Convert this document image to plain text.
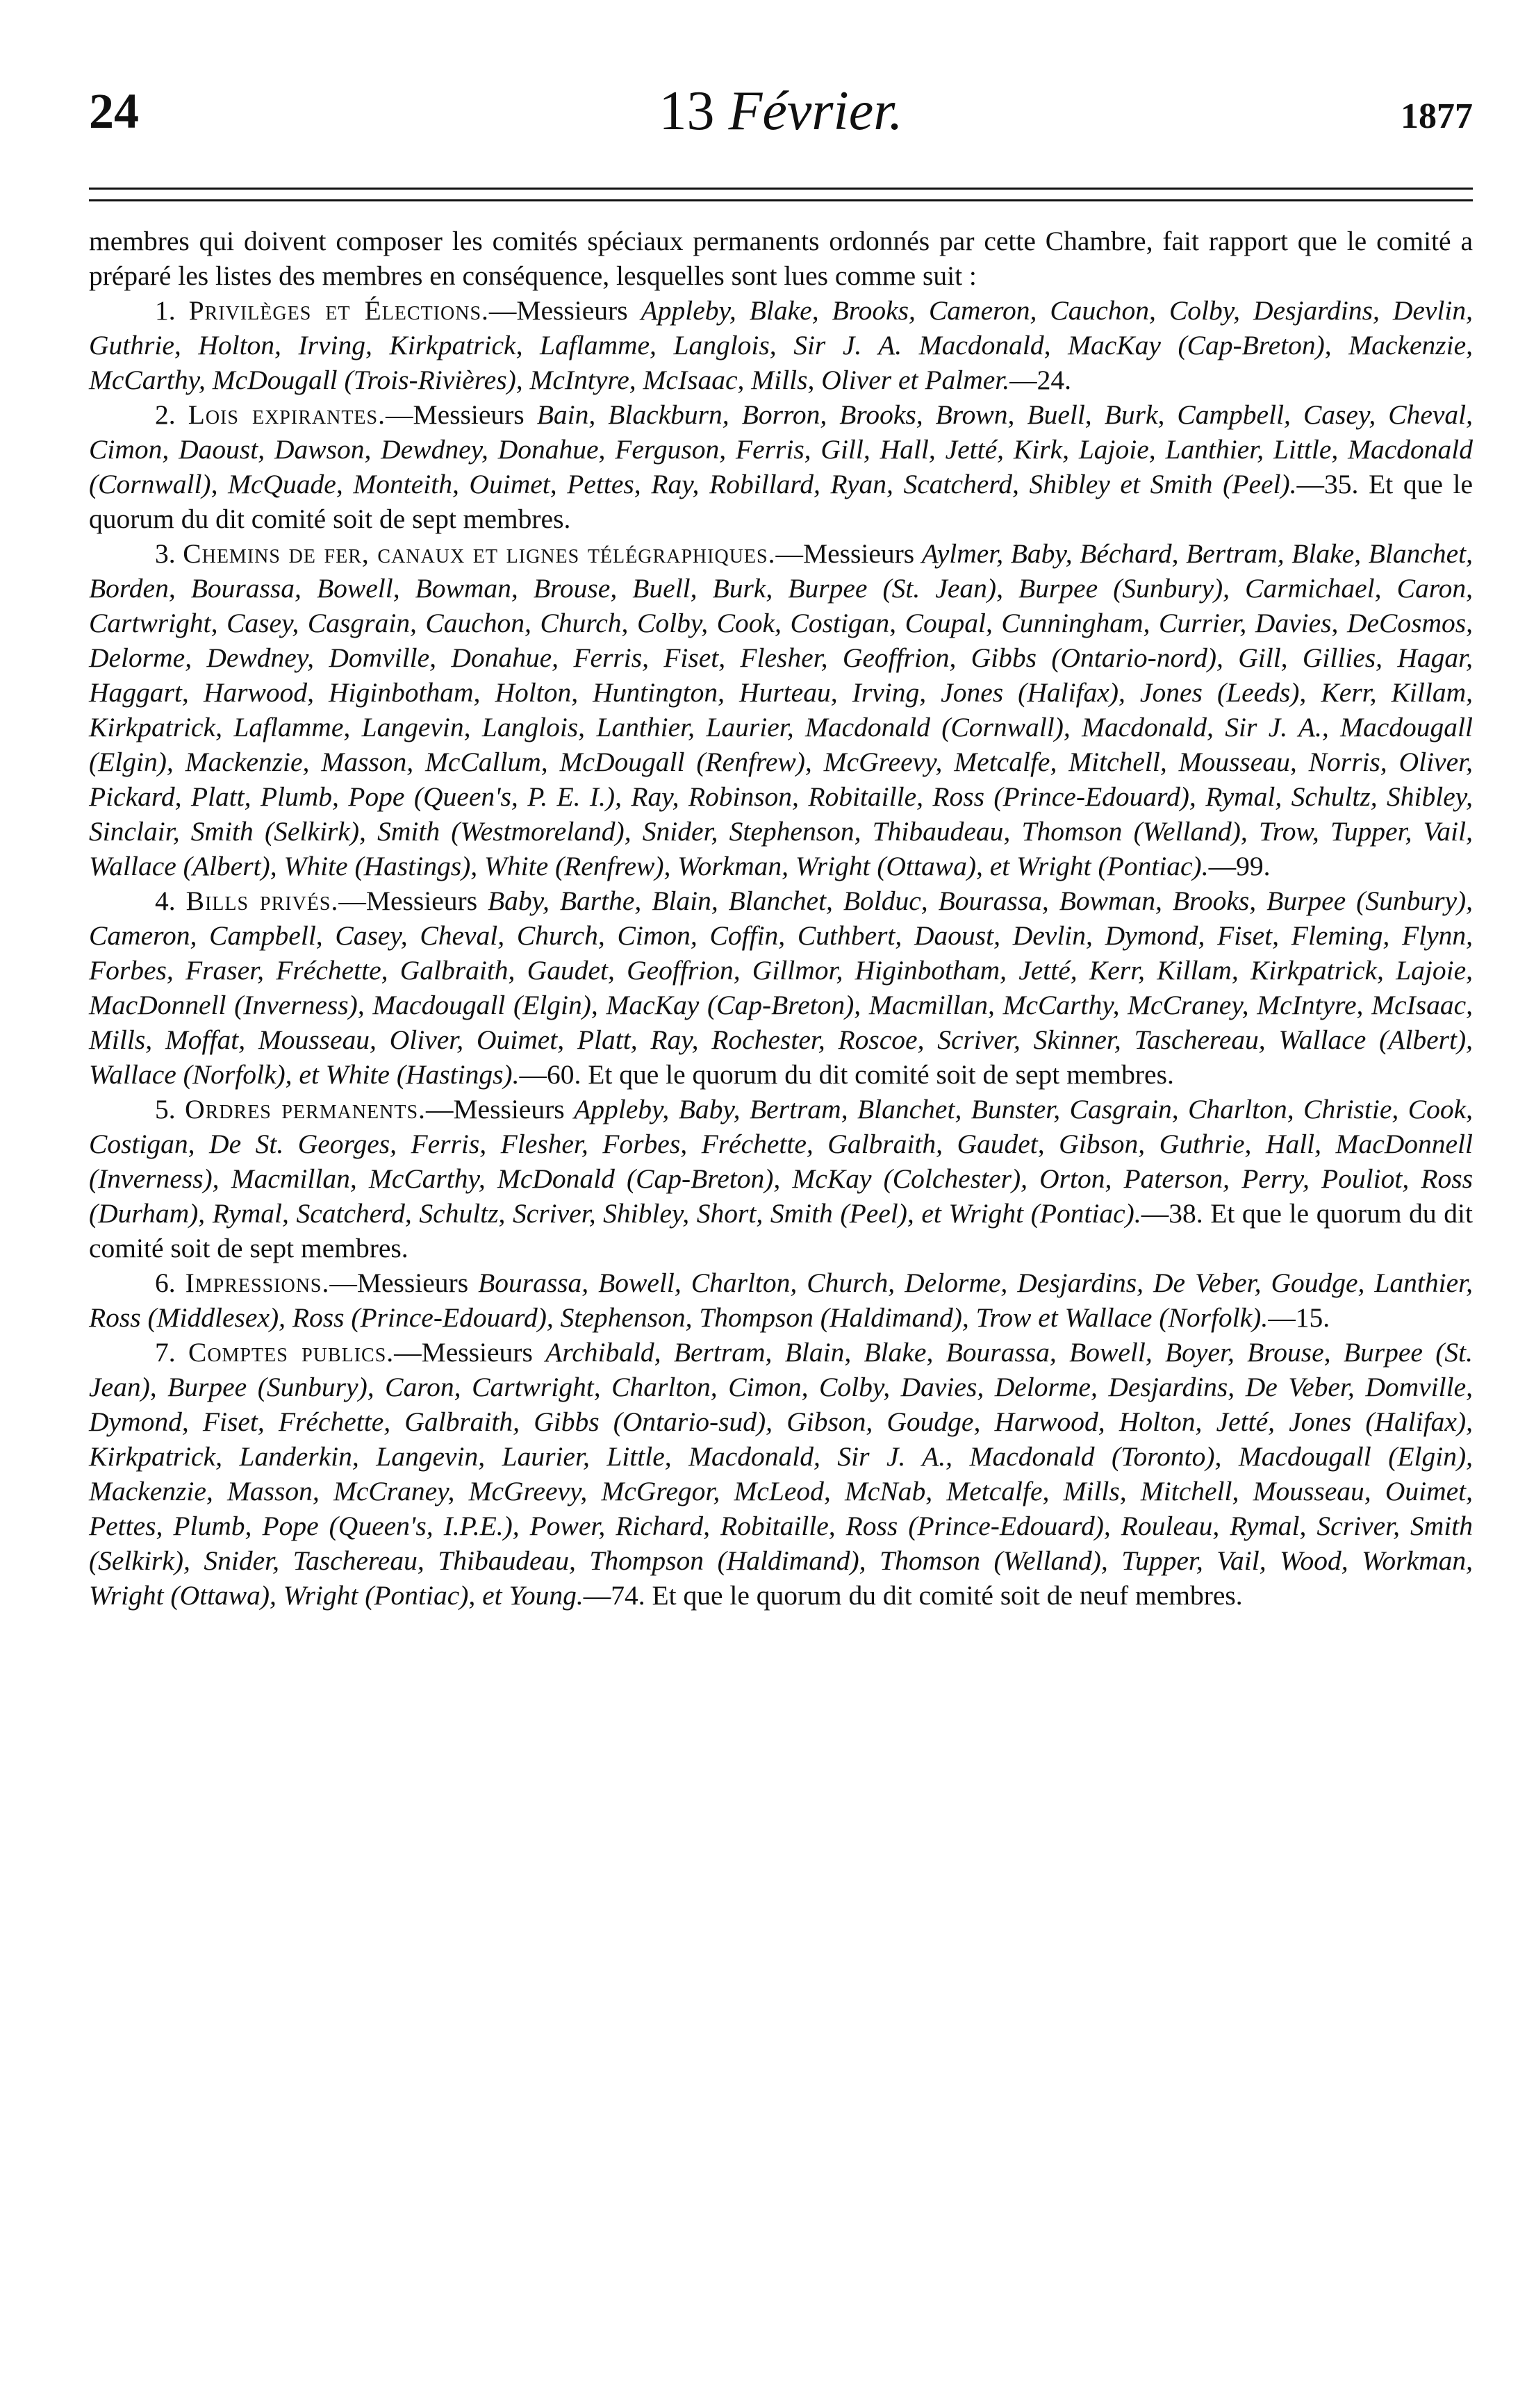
24	13 Février.	1877

membres qui doivent composer les comités spéciaux permanents ordonnés par cette Chambre, fait rapport que le comité a préparé les listes des membres en conséquence, lesquelles sont lues comme suit :

1. Privilèges et Élections.—Messieurs Appleby, Blake, Brooks, Cameron, Cauchon, Colby, Desjardins, Devlin, Guthrie, Holton, Irving, Kirkpatrick, Laflamme, Langlois, Sir J. A. Macdonald, MacKay (Cap-Breton), Mackenzie, McCarthy, McDougall (Trois-Rivières), McIntyre, McIsaac, Mills, Oliver et Palmer.—24.

2. Lois expirantes.—Messieurs Bain, Blackburn, Borron, Brooks, Brown, Buell, Burk, Campbell, Casey, Cheval, Cimon, Daoust, Dawson, Dewdney, Donahue, Ferguson, Ferris, Gill, Hall, Jetté, Kirk, Lajoie, Lanthier, Little, Macdonald (Cornwall), McQuade, Monteith, Ouimet, Pettes, Ray, Robillard, Ryan, Scatcherd, Shibley et Smith (Peel).—35. Et que le quorum du dit comité soit de sept membres.

3. Chemins de fer, canaux et lignes télégraphiques.—Messieurs Aylmer, Baby, Béchard, Bertram, Blake, Blanchet, Borden, Bourassa, Bowell, Bowman, Brouse, Buell, Burk, Burpee (St. Jean), Burpee (Sunbury), Carmichael, Caron, Cartwright, Casey, Casgrain, Cauchon, Church, Colby, Cook, Costigan, Coupal, Cunningham, Currier, Davies, DeCosmos, Delorme, Dewdney, Domville, Donahue, Ferris, Fiset, Flesher, Geoffrion, Gibbs (Ontario-nord), Gill, Gillies, Hagar, Haggart, Harwood, Higinbotham, Holton, Huntington, Hurteau, Irving, Jones (Halifax), Jones (Leeds), Kerr, Killam, Kirkpatrick, Laflamme, Langevin, Langlois, Lanthier, Laurier, Macdonald (Cornwall), Macdonald, Sir J. A., Macdougall (Elgin), Mackenzie, Masson, McCallum, McDougall (Renfrew), McGreevy, Metcalfe, Mitchell, Mousseau, Norris, Oliver, Pickard, Platt, Plumb, Pope (Queen's, P. E. I.), Ray, Robinson, Robitaille, Ross (Prince-Edouard), Rymal, Schultz, Shibley, Sinclair, Smith (Selkirk), Smith (Westmoreland), Snider, Stephenson, Thibaudeau, Thomson (Welland), Trow, Tupper, Vail, Wallace (Albert), White (Hastings), White (Renfrew), Workman, Wright (Ottawa), et Wright (Pontiac).—99.

4. Bills privés.—Messieurs Baby, Barthe, Blain, Blanchet, Bolduc, Bourassa, Bowman, Brooks, Burpee (Sunbury), Cameron, Campbell, Casey, Cheval, Church, Cimon, Coffin, Cuthbert, Daoust, Devlin, Dymond, Fiset, Fleming, Flynn, Forbes, Fraser, Fréchette, Galbraith, Gaudet, Geoffrion, Gillmor, Higinbotham, Jetté, Kerr, Killam, Kirkpatrick, Lajoie, MacDonnell (Inverness), Macdougall (Elgin), MacKay (Cap-Breton), Macmillan, McCarthy, McCraney, McIntyre, McIsaac, Mills, Moffat, Mousseau, Oliver, Ouimet, Platt, Ray, Rochester, Roscoe, Scriver, Skinner, Taschereau, Wallace (Albert), Wallace (Norfolk), et White (Hastings).—60. Et que le quorum du dit comité soit de sept membres.

5. Ordres permanents.—Messieurs Appleby, Baby, Bertram, Blanchet, Bunster, Casgrain, Charlton, Christie, Cook, Costigan, De St. Georges, Ferris, Flesher, Forbes, Fréchette, Galbraith, Gaudet, Gibson, Guthrie, Hall, MacDonnell (Inverness), Macmillan, McCarthy, McDonald (Cap-Breton), McKay (Colchester), Orton, Paterson, Perry, Pouliot, Ross (Durham), Rymal, Scatcherd, Schultz, Scriver, Shibley, Short, Smith (Peel), et Wright (Pontiac).—38. Et que le quorum du dit comité soit de sept membres.

6. Impressions.—Messieurs Bourassa, Bowell, Charlton, Church, Delorme, Desjardins, De Veber, Goudge, Lanthier, Ross (Middlesex), Ross (Prince-Edouard), Stephenson, Thompson (Haldimand), Trow et Wallace (Norfolk).—15.

7. Comptes publics.—Messieurs Archibald, Bertram, Blain, Blake, Bourassa, Bowell, Boyer, Brouse, Burpee (St. Jean), Burpee (Sunbury), Caron, Cartwright, Charlton, Cimon, Colby, Davies, Delorme, Desjardins, De Veber, Domville, Dymond, Fiset, Fréchette, Galbraith, Gibbs (Ontario-sud), Gibson, Goudge, Harwood, Holton, Jetté, Jones (Halifax), Kirkpatrick, Landerkin, Langevin, Laurier, Little, Macdonald, Sir J. A., Macdonald (Toronto), Macdougall (Elgin), Mackenzie, Masson, McCraney, McGreevy, McGregor, McLeod, McNab, Metcalfe, Mills, Mitchell, Mousseau, Ouimet, Pettes, Plumb, Pope (Queen's, I.P.E.), Power, Richard, Robitaille, Ross (Prince-Edouard), Rouleau, Rymal, Scriver, Smith (Selkirk), Snider, Taschereau, Thibaudeau, Thompson (Haldimand), Thomson (Welland), Tupper, Vail, Wood, Workman, Wright (Ottawa), Wright (Pontiac), et Young.—74. Et que le quorum du dit comité soit de neuf membres.
